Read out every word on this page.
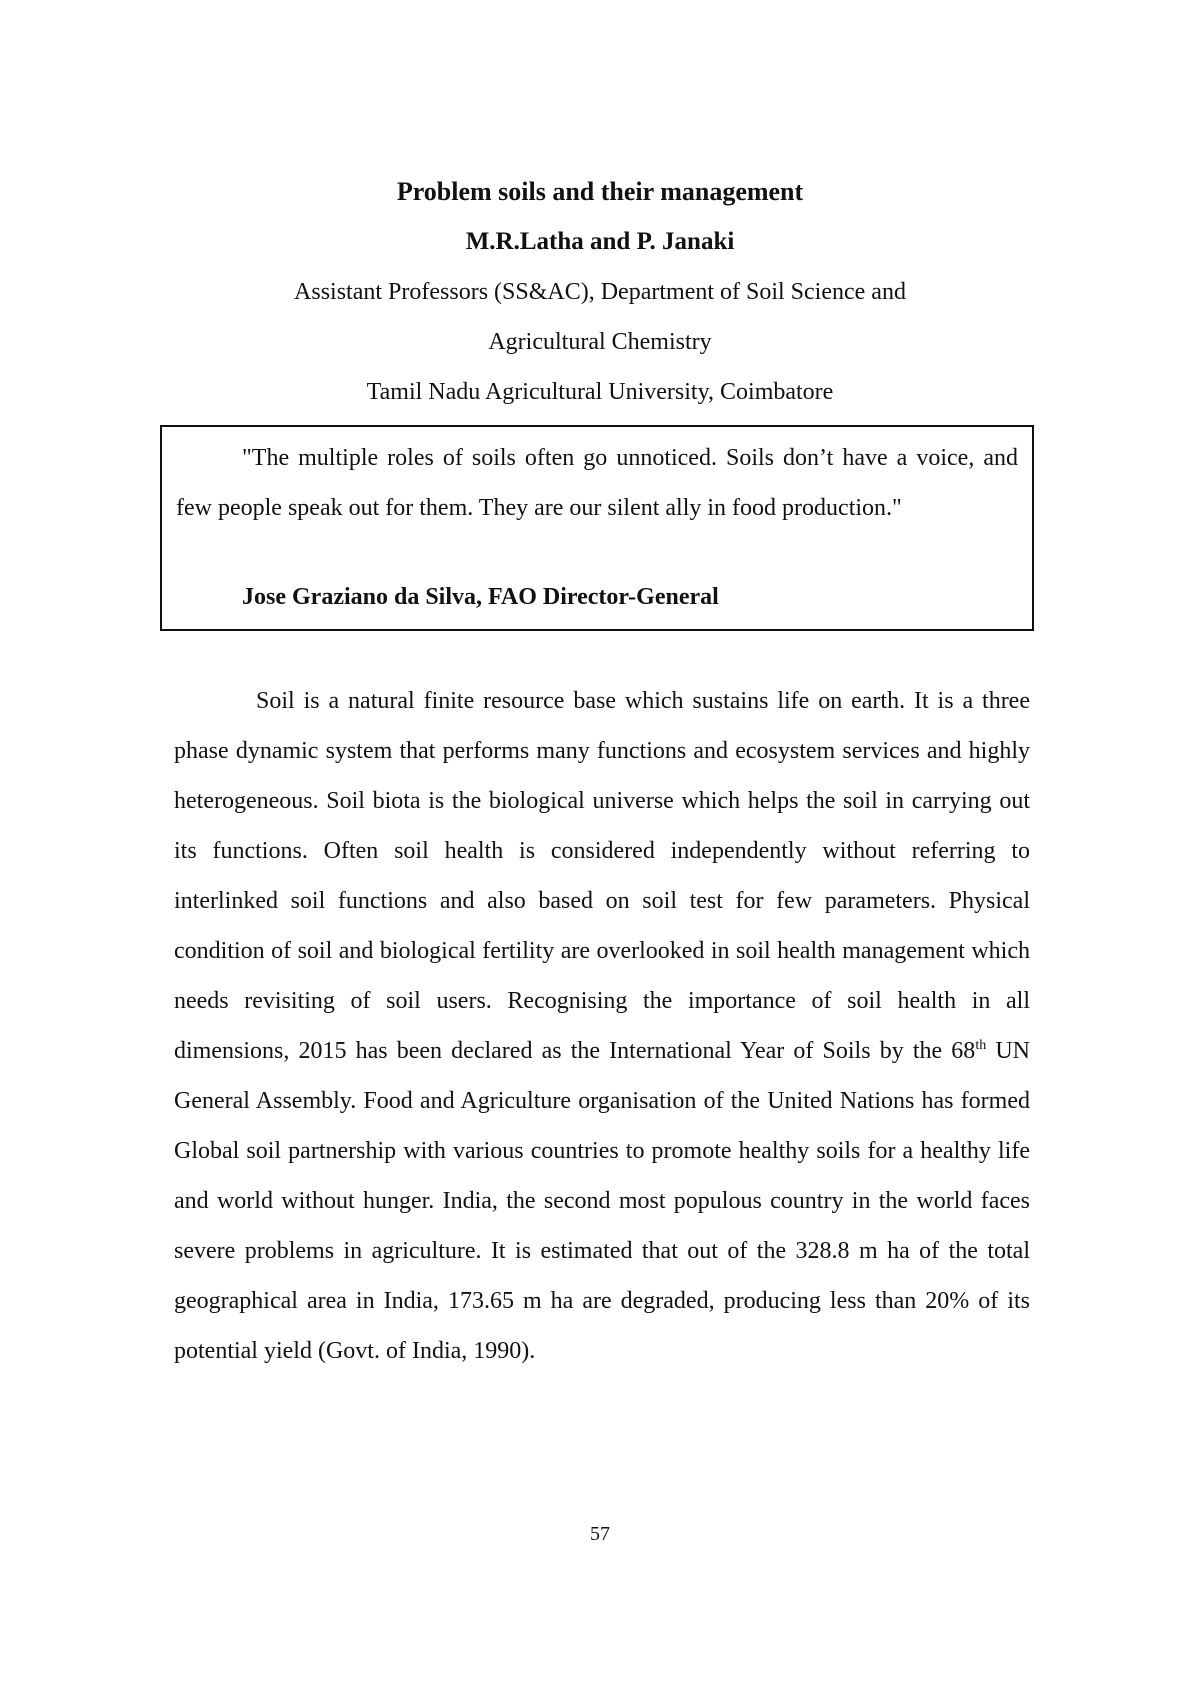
Problem soils and their management
M.R.Latha and P. Janaki
Assistant Professors (SS&AC), Department of Soil Science and
Agricultural Chemistry
Tamil Nadu Agricultural University, Coimbatore
"The multiple roles of soils often go unnoticed. Soils don’t have a voice, and few people speak out for them. They are our silent ally in food production."
Jose Graziano da Silva, FAO Director-General

Soil is a natural finite resource base which sustains life on earth. It is a three phase dynamic system that performs many functions and ecosystem services and highly heterogeneous. Soil biota is the biological universe which helps the soil in carrying out its functions. Often soil health is considered independently without referring to interlinked soil functions and also based on soil test for few parameters. Physical condition of soil and biological fertility are overlooked in soil health management which needs revisiting of soil users. Recognising the importance of soil health in all dimensions, 2015 has been declared as the International Year of Soils by the 68th UN General Assembly. Food and Agriculture organisation of the United Nations has formed Global soil partnership with various countries to promote healthy soils for a healthy life and world without hunger. India, the second most populous country in the world faces severe problems in agriculture. It is estimated that out of the 328.8 m ha of the total geographical area in India, 173.65 m ha are degraded, producing less than 20% of its potential yield (Govt. of India, 1990).

57
